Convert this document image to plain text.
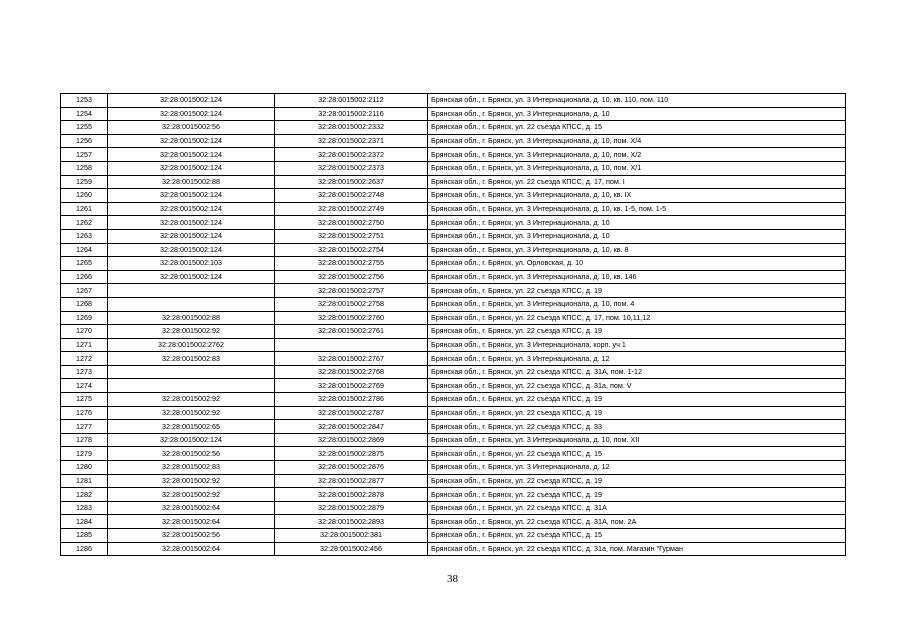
1253	32:28:0015002:124	32:28:0015002:2112	Брянская обл., г. Брянск, ул. 3 Интернационала, д. 10, кв. 110, пом. 110
1254	32:28:0015002:124	32:28:0015002:2116	Брянская обл., г. Брянск, ул. 3 Интернационала, д. 10
1255	32:28:0015002:56	32:28:0015002:2332	Брянская обл., г. Брянск, ул. 22 съезда КПСС, д. 15
1256	32:28:0015002:124	32:28:0015002:2371	Брянская обл., г. Брянск, ул. 3 Интернационала, д. 10, пом. X/4
1257	32:28:0015002:124	32:28:0015002:2372	Брянская обл., г. Брянск, ул. 3 Интернационала, д. 10, пом. X/2
1258	32:28:0015002:124	32:28:0015002:2373	Брянская обл., г. Брянск, ул. 3 Интернационала, д. 10, пом. X/1
1259	32:28:0015002:88	32:28:0015002:2637	Брянская обл., г. Брянск, ул. 22 съезда КПСС, д. 17, пом. I
1260	32:28:0015002:124	32:28:0015002:2748	Брянская обл., г. Брянск, ул. 3 Интернационала, д. 10, кв. IX
1261	32:28:0015002:124	32:28:0015002:2749	Брянская обл., г. Брянск, ул. 3 Интернационала, д. 10, кв. 1-5, пом. 1-5
1262	32:28:0015002:124	32:28:0015002:2750	Брянская обл., г. Брянск, ул. 3 Интернационала, д. 10
1263	32:28:0015002:124	32:28:0015002:2751	Брянская обл., г. Брянск, ул. 3 Интернационала, д. 10
1264	32:28:0015002:124	32:28:0015002:2754	Брянская обл., г. Брянск, ул. 3 Интернационала, д. 10, кв. 8
1265	32:28:0015002:103	32:28:0015002:2755	Брянская обл., г. Брянск, ул. Орловская, д. 10
1266	32:28:0015002:124	32:28:0015002:2756	Брянская обл., г. Брянск, ул. 3 Интернационала, д. 10, кв. 146
1267		32:28:0015002:2757	Брянская обл., г. Брянск, ул. 22 съезда КПСС, д. 19
1268		32:28:0015002:2758	Брянская обл., г. Брянск, ул. 3 Интернационала, д. 10, пом. 4
1269	32:28:0015002:88	32:28:0015002:2760	Брянская обл., г. Брянск, ул. 22 съезда КПСС, д. 17, пом. 10,11,12
1270	32:28:0015002:92	32:28:0015002:2761	Брянская обл., г. Брянск, ул. 22 съезда КПСС, д. 19
1271	32:28:0015002:2762		Брянская обл., г. Брянск, ул. 3 Интернационала, корп. уч 1
1272	32:28:0015002:83	32:28:0015002:2767	Брянская обл., г. Брянск, ул. 3 Интернационала, д. 12
1273		32:28:0015002:2768	Брянская обл., г. Брянск, ул. 22 съезда КПСС, д. 31А, пом. 1-12
1274		32:28:0015002:2769	Брянская обл., г. Брянск, ул. 22 съезда КПСС, д. 31а, пом. V
1275	32:28:0015002:92	32:28:0015002:2786	Брянская обл., г. Брянск, ул. 22 съезда КПСС, д. 19
1276	32:28:0015002:92	32:28:0015002:2787	Брянская обл., г. Брянск, ул. 22 съезда КПСС, д. 19
1277	32:28:0015002:65	32:28:0015002:2847	Брянская обл., г. Брянск, ул. 22 съезда КПСС, д. 33
1278	32:28:0015002:124	32:28:0015002:2869	Брянская обл., г. Брянск, ул. 3 Интернационала, д. 10, пом. XII
1279	32:28:0015002:56	32:28:0015002:2875	Брянская обл., г. Брянск, ул. 22 съезда КПСС, д. 15
1280	32:28:0015002:83	32:28:0015002:2876	Брянская обл., г. Брянск, ул. 3 Интернационала, д. 12
1281	32:28:0015002:92	32:28:0015002:2877	Брянская обл., г. Брянск, ул. 22 съезда КПСС, д. 19
1282	32:28:0015002:92	32:28:0015002:2878	Брянская обл., г. Брянск, ул. 22 съезда КПСС, д. 19
1283	32:28:0015002:64	32:28:0015002:2879	Брянская обл., г. Брянск, ул. 22 съезда КПСС, д. 31А
1284	32:28:0015002:64	32:28:0015002:2893	Брянская обл., г. Брянск, ул. 22 съезда КПСС, д. 31А, пом. 2А
1285	32:28:0015002:56	32:28:0015002:381	Брянская обл., г. Брянск, ул. 22 съезда КПСС, д. 15
1286	32:28:0015002:64	32:28:0015002:456	Брянская обл., г. Брянск, ул. 22 съезда КПСС, д. 31а, пом. Магазин "Гурман
38
